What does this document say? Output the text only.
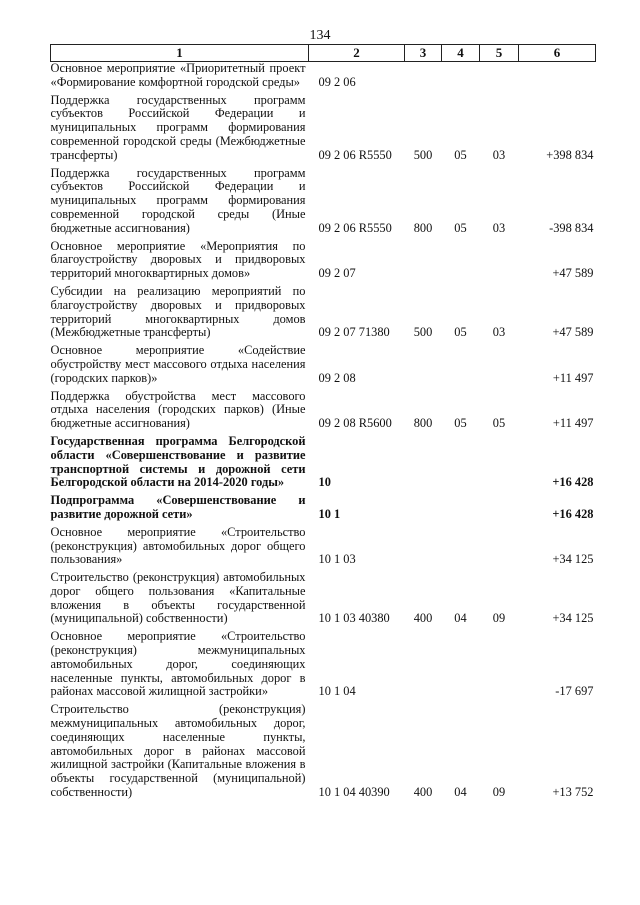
134
1	2	3	4	5	6
Основное мероприятие «Приоритетный проект «Формирование комфортной городской среды»	09 2 06				
Поддержка государственных программ субъектов Российской Федерации и муниципальных программ формирования современной городской среды (Межбюджетные трансферты)	09 2 06 R5550	500	05	03	+398 834
Поддержка государственных программ субъектов Российской Федерации и муниципальных программ формирования современной городской среды (Иные бюджетные ассигнования)	09 2 06 R5550	800	05	03	-398 834
Основное мероприятие «Мероприятия по благоустройству дворовых и придворовых территорий многоквартирных домов»	09 2 07				+47 589
Субсидии на реализацию мероприятий по благоустройству дворовых и придворовых территорий многоквартирных домов (Межбюджетные трансферты)	09 2 07 71380	500	05	03	+47 589
Основное мероприятие «Содействие обустройству мест массового отдыха населения (городских парков)»	09 2 08				+11 497
Поддержка обустройства мест массового отдыха населения (городских парков) (Иные бюджетные ассигнования)	09 2 08 R5600	800	05	05	+11 497
Государственная программа Белгородской области «Совершенствование и развитие транспортной системы и дорожной сети Белгородской области на 2014-2020 годы»	10				+16 428
Подпрограмма «Совершенствование и развитие дорожной сети»	10 1				+16 428
Основное мероприятие «Строительство (реконструкция) автомобильных дорог общего пользования»	10 1 03				+34 125
Строительство (реконструкция) автомобильных дорог общего пользования «Капитальные вложения в объекты государственной (муниципальной) собственности)	10 1 03 40380	400	04	09	+34 125
Основное мероприятие «Строительство (реконструкция) межмуниципальных автомобильных дорог, соединяющих населенные пункты, автомобильных дорог в районах массовой жилищной застройки»	10 1 04				-17 697
Строительство (реконструкция) межмуниципальных автомобильных дорог, соединяющих населенные пункты, автомобильных дорог в районах массовой жилищной застройки (Капитальные вложения в объекты государственной (муниципальной) собственности)	10 1 04 40390	400	04	09	+13 752
